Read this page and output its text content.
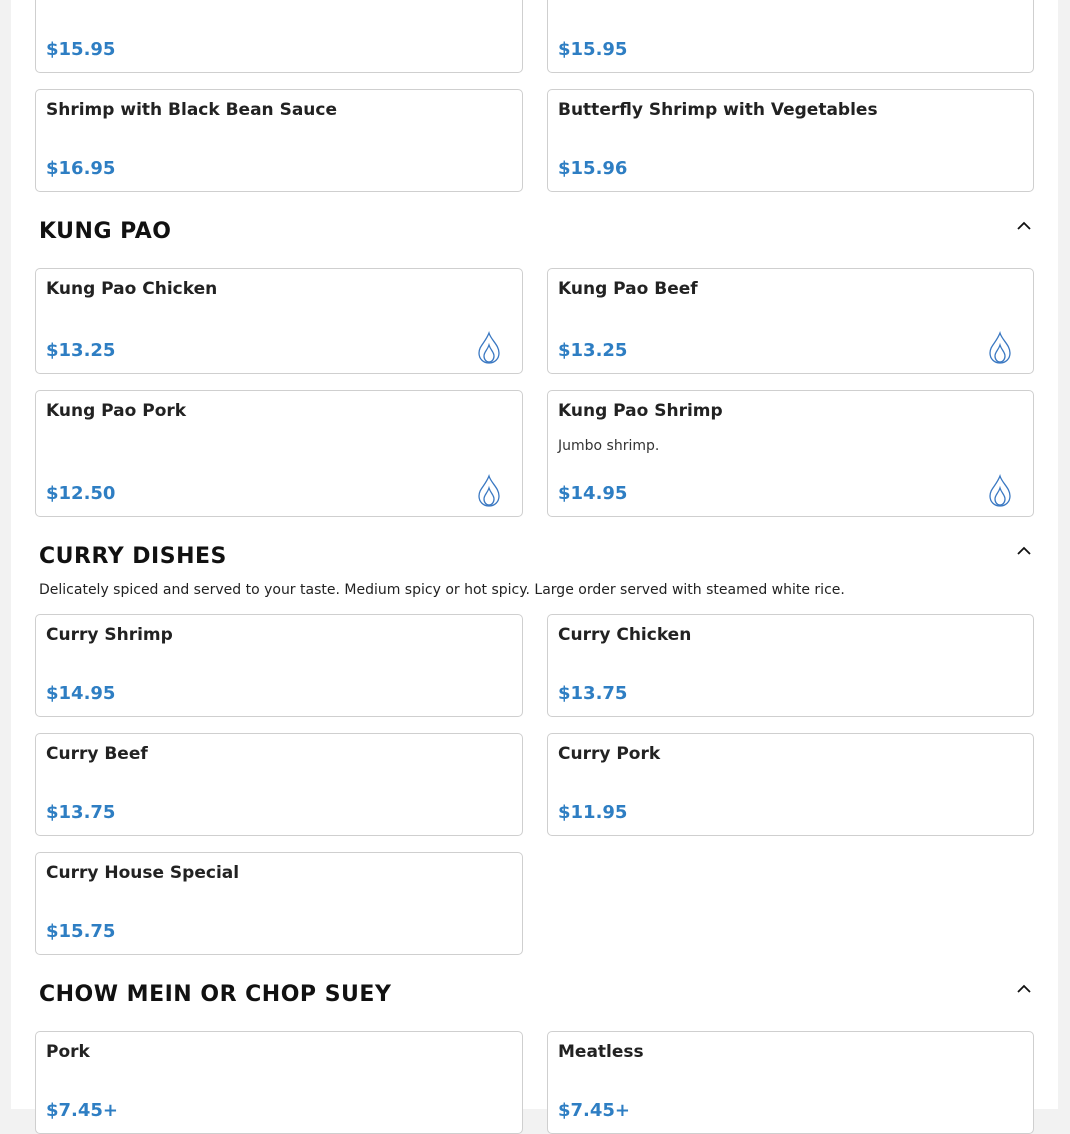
$15.95	$15.95
Shrimp with Black Bean Sauce
$16.95
Butterfly Shrimp with Vegetables
$15.96
KUNG PAO
Kung Pao Chicken
$13.25
Kung Pao Beef
$13.25
Kung Pao Pork
$12.50
Kung Pao Shrimp
Jumbo shrimp.
$14.95
CURRY DISHES
Delicately spiced and served to your taste. Medium spicy or hot spicy. Large order served with steamed white rice.
Curry Shrimp
$14.95
Curry Chicken
$13.75
Curry Beef
$13.75
Curry Pork
$11.95
Curry House Special
$15.75
CHOW MEIN OR CHOP SUEY
Pork
$7.45+
Meatless
$7.45+
